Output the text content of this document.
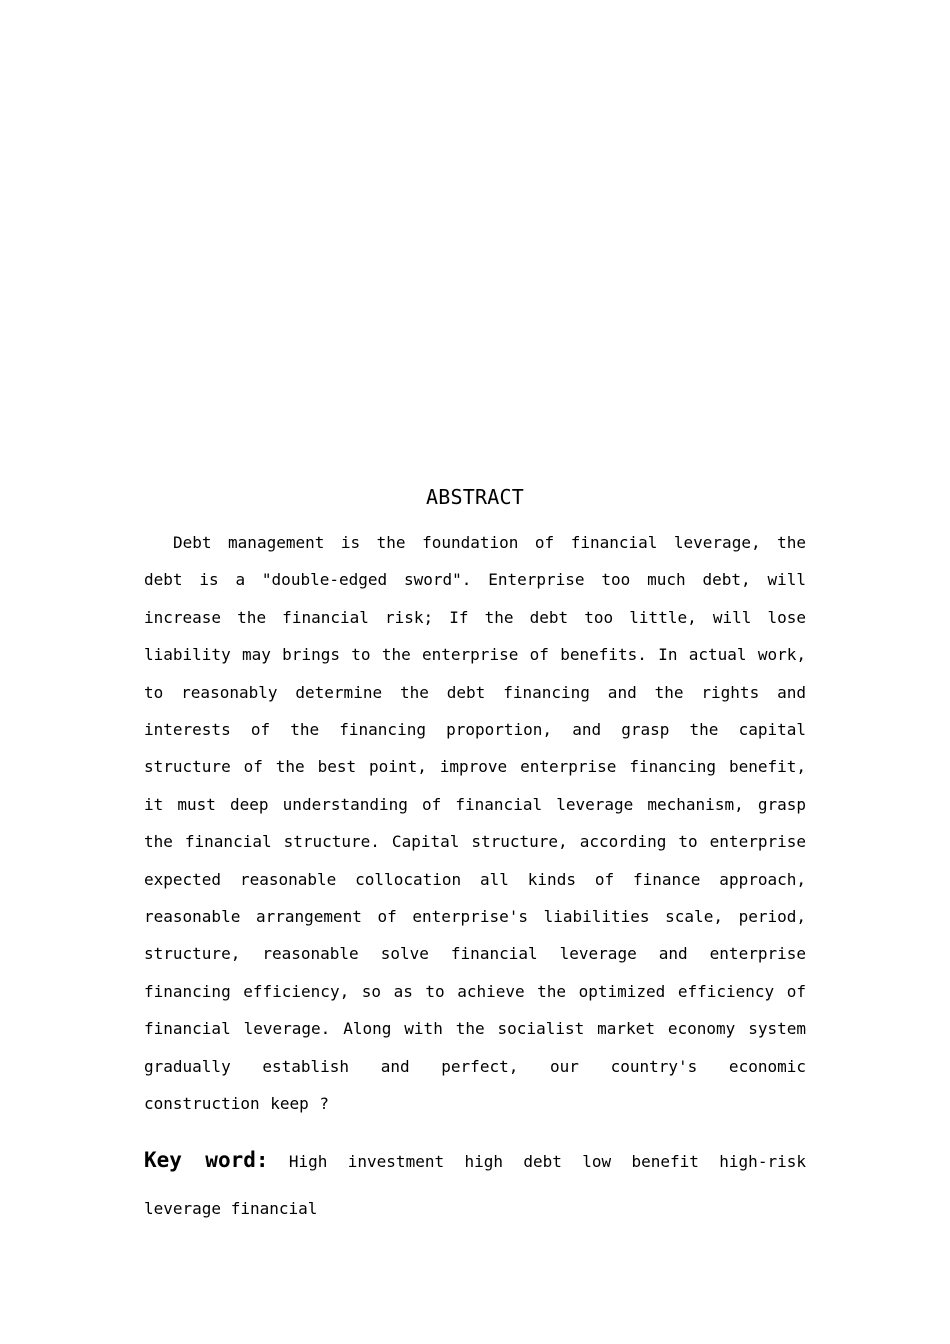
ABSTRACT

Debt management is the foundation of financial leverage, the debt is a "double-edged sword". Enterprise too much debt, will increase the financial risk; If the debt too little, will lose liability may brings to the enterprise of benefits. In actual work, to reasonably determine the debt financing and the rights and interests of the financing proportion, and grasp the capital structure of the best point, improve enterprise financing benefit, it must deep understanding of financial leverage mechanism, grasp the financial structure. Capital structure, according to enterprise expected reasonable collocation all kinds of finance approach, reasonable arrangement of enterprise's liabilities scale, period, structure, reasonable solve financial leverage and enterprise financing efficiency, so as to achieve the optimized efficiency of financial leverage. Along with the socialist market economy system gradually establish and perfect, our country's economic construction keep ?

Key word: High investment high debt low benefit high-risk leverage financial
